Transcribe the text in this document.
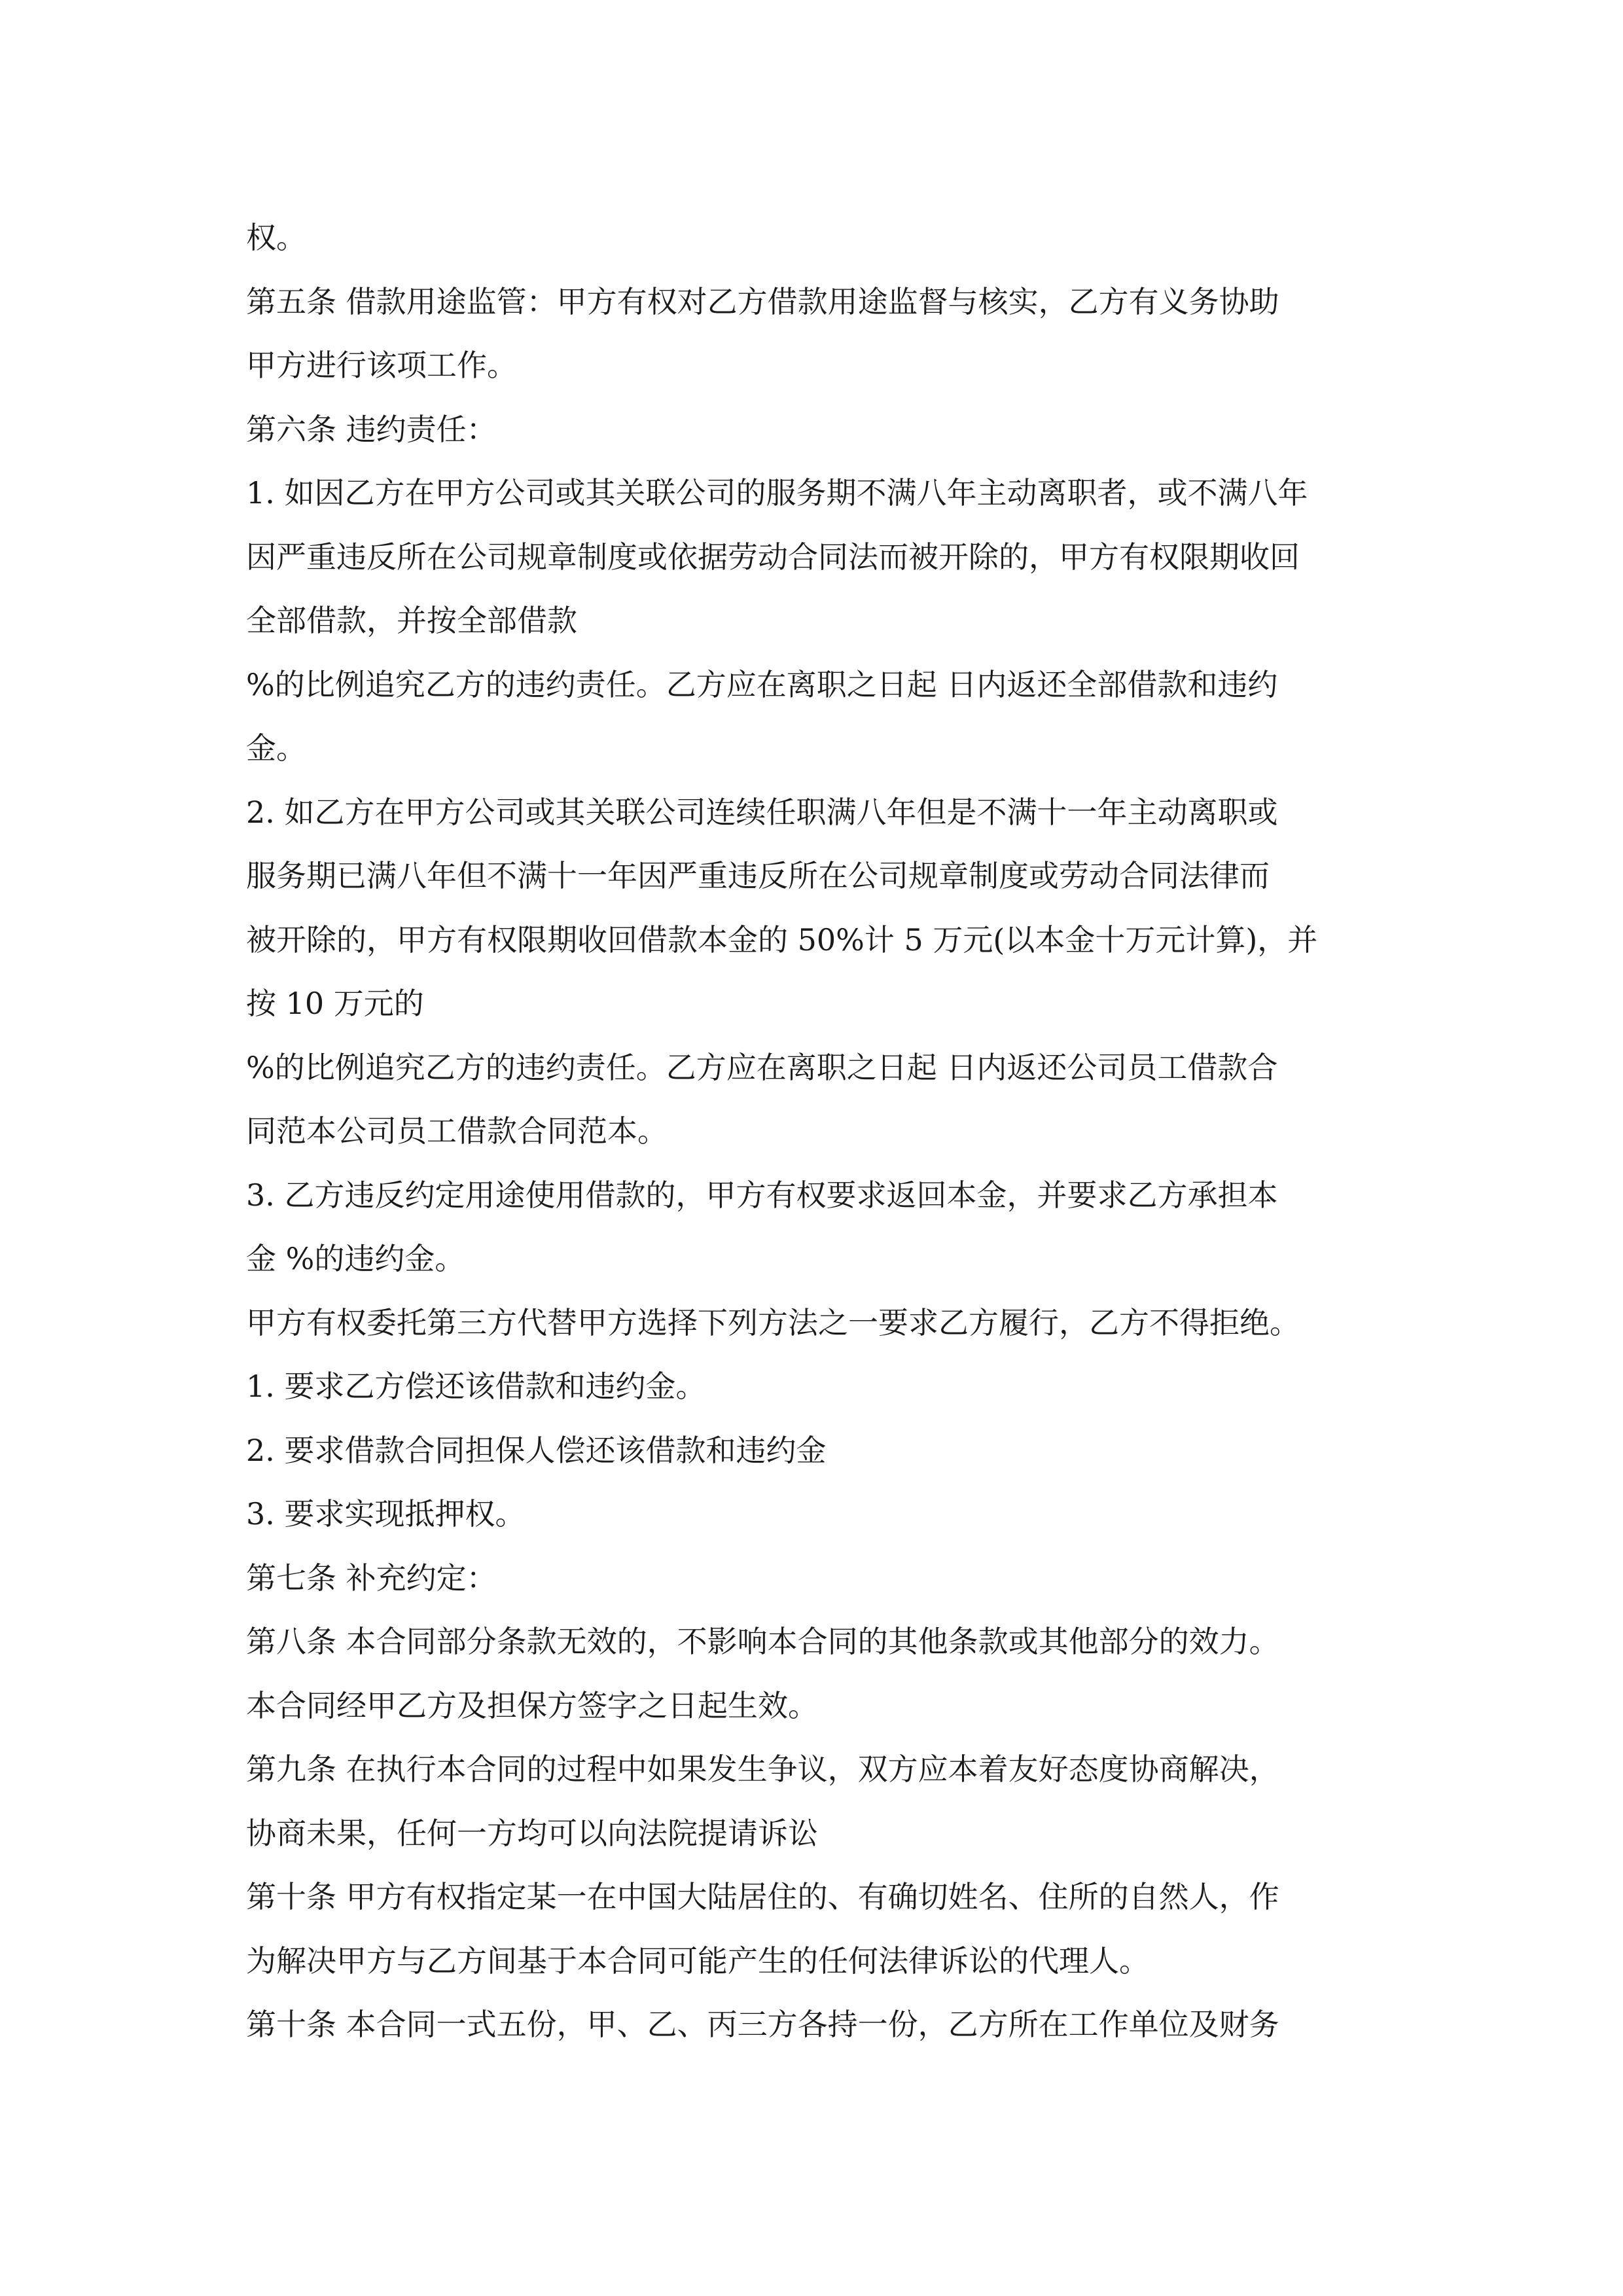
权。
第五条 借款用途监管：甲方有权对乙方借款用途监督与核实，乙方有义务协助
甲方进行该项工作。
第六条 违约责任：
1. 如因乙方在甲方公司或其关联公司的服务期不满八年主动离职者，或不满八年
因严重违反所在公司规章制度或依据劳动合同法而被开除的，甲方有权限期收回
全部借款，并按全部借款
%的比例追究乙方的违约责任。乙方应在离职之日起 日内返还全部借款和违约
金。
2. 如乙方在甲方公司或其关联公司连续任职满八年但是不满十一年主动离职或
服务期已满八年但不满十一年因严重违反所在公司规章制度或劳动合同法律而
被开除的，甲方有权限期收回借款本金的 50%计 5 万元(以本金十万元计算)，并
按 10 万元的
%的比例追究乙方的违约责任。乙方应在离职之日起 日内返还公司员工借款合
同范本公司员工借款合同范本。
3. 乙方违反约定用途使用借款的，甲方有权要求返回本金，并要求乙方承担本
金 %的违约金。
甲方有权委托第三方代替甲方选择下列方法之一要求乙方履行，乙方不得拒绝。
1. 要求乙方偿还该借款和违约金。
2. 要求借款合同担保人偿还该借款和违约金
3. 要求实现抵押权。
第七条 补充约定：
第八条 本合同部分条款无效的，不影响本合同的其他条款或其他部分的效力。
本合同经甲乙方及担保方签字之日起生效。
第九条 在执行本合同的过程中如果发生争议，双方应本着友好态度协商解决，
协商未果，任何一方均可以向法院提请诉讼
第十条 甲方有权指定某一在中国大陆居住的、有确切姓名、住所的自然人，作
为解决甲方与乙方间基于本合同可能产生的任何法律诉讼的代理人。
第十条 本合同一式五份，甲、乙、丙三方各持一份，乙方所在工作单位及财务
